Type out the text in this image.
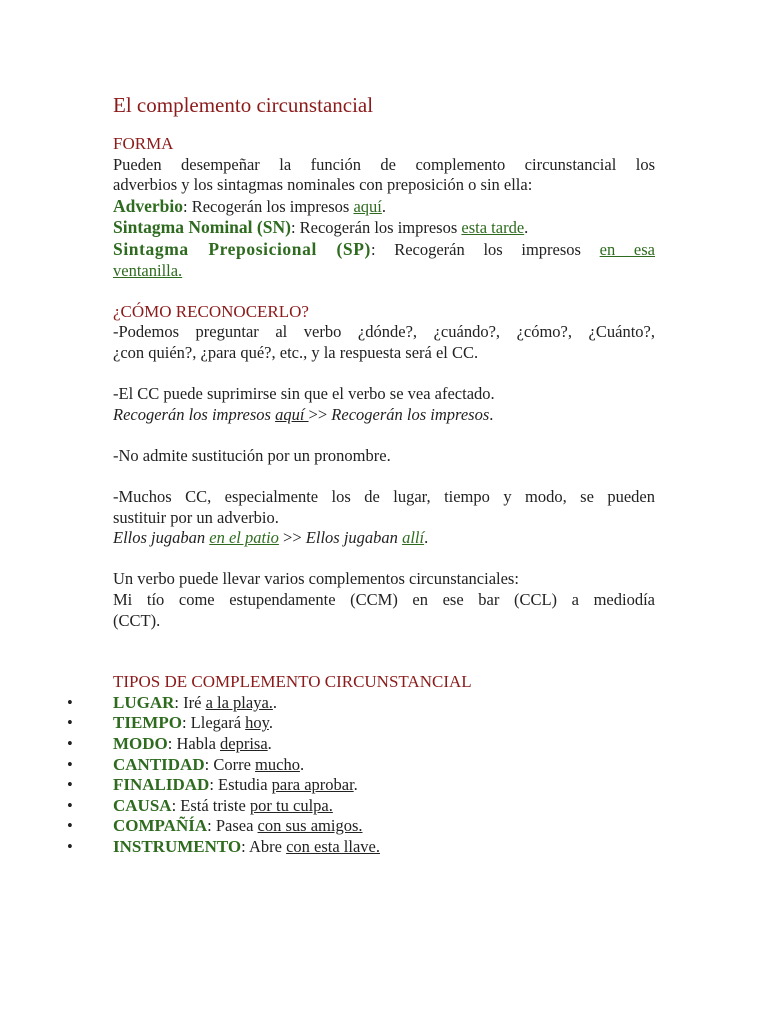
El complemento circunstancial
FORMA
Pueden desempeñar la función de complemento circunstancial los
adverbios y los sintagmas nominales con preposición o sin ella:
Adverbio: Recogerán los impresos aquí.
Sintagma Nominal (SN): Recogerán los impresos esta tarde.
Sintagma Preposicional (SP): Recogerán los impresos en esa
ventanilla.
¿CÓMO RECONOCERLO?
-Podemos preguntar al verbo ¿dónde?, ¿cuándo?, ¿cómo?, ¿Cuánto?,
¿con quién?, ¿para qué?, etc., y la respuesta será el CC.
-El CC puede suprimirse sin que el verbo se vea afectado.
Recogerán los impresos aquí >> Recogerán los impresos.
-No admite sustitución por un pronombre.
-Muchos CC, especialmente los de lugar, tiempo y modo, se pueden
sustituir por un adverbio.
Ellos jugaban en el patio >> Ellos jugaban allí.
Un verbo puede llevar varios complementos circunstanciales:
Mi tío come estupendamente (CCM) en ese bar (CCL) a mediodía
(CCT).
TIPOS DE COMPLEMENTO CIRCUNSTANCIAL
• LUGAR: Iré a la playa..
• TIEMPO: Llegará hoy.
• MODO: Habla deprisa.
• CANTIDAD: Corre mucho.
• FINALIDAD: Estudia para aprobar.
• CAUSA: Está triste por tu culpa.
• COMPAÑÍA: Pasea con sus amigos.
• INSTRUMENTO: Abre con esta llave.
